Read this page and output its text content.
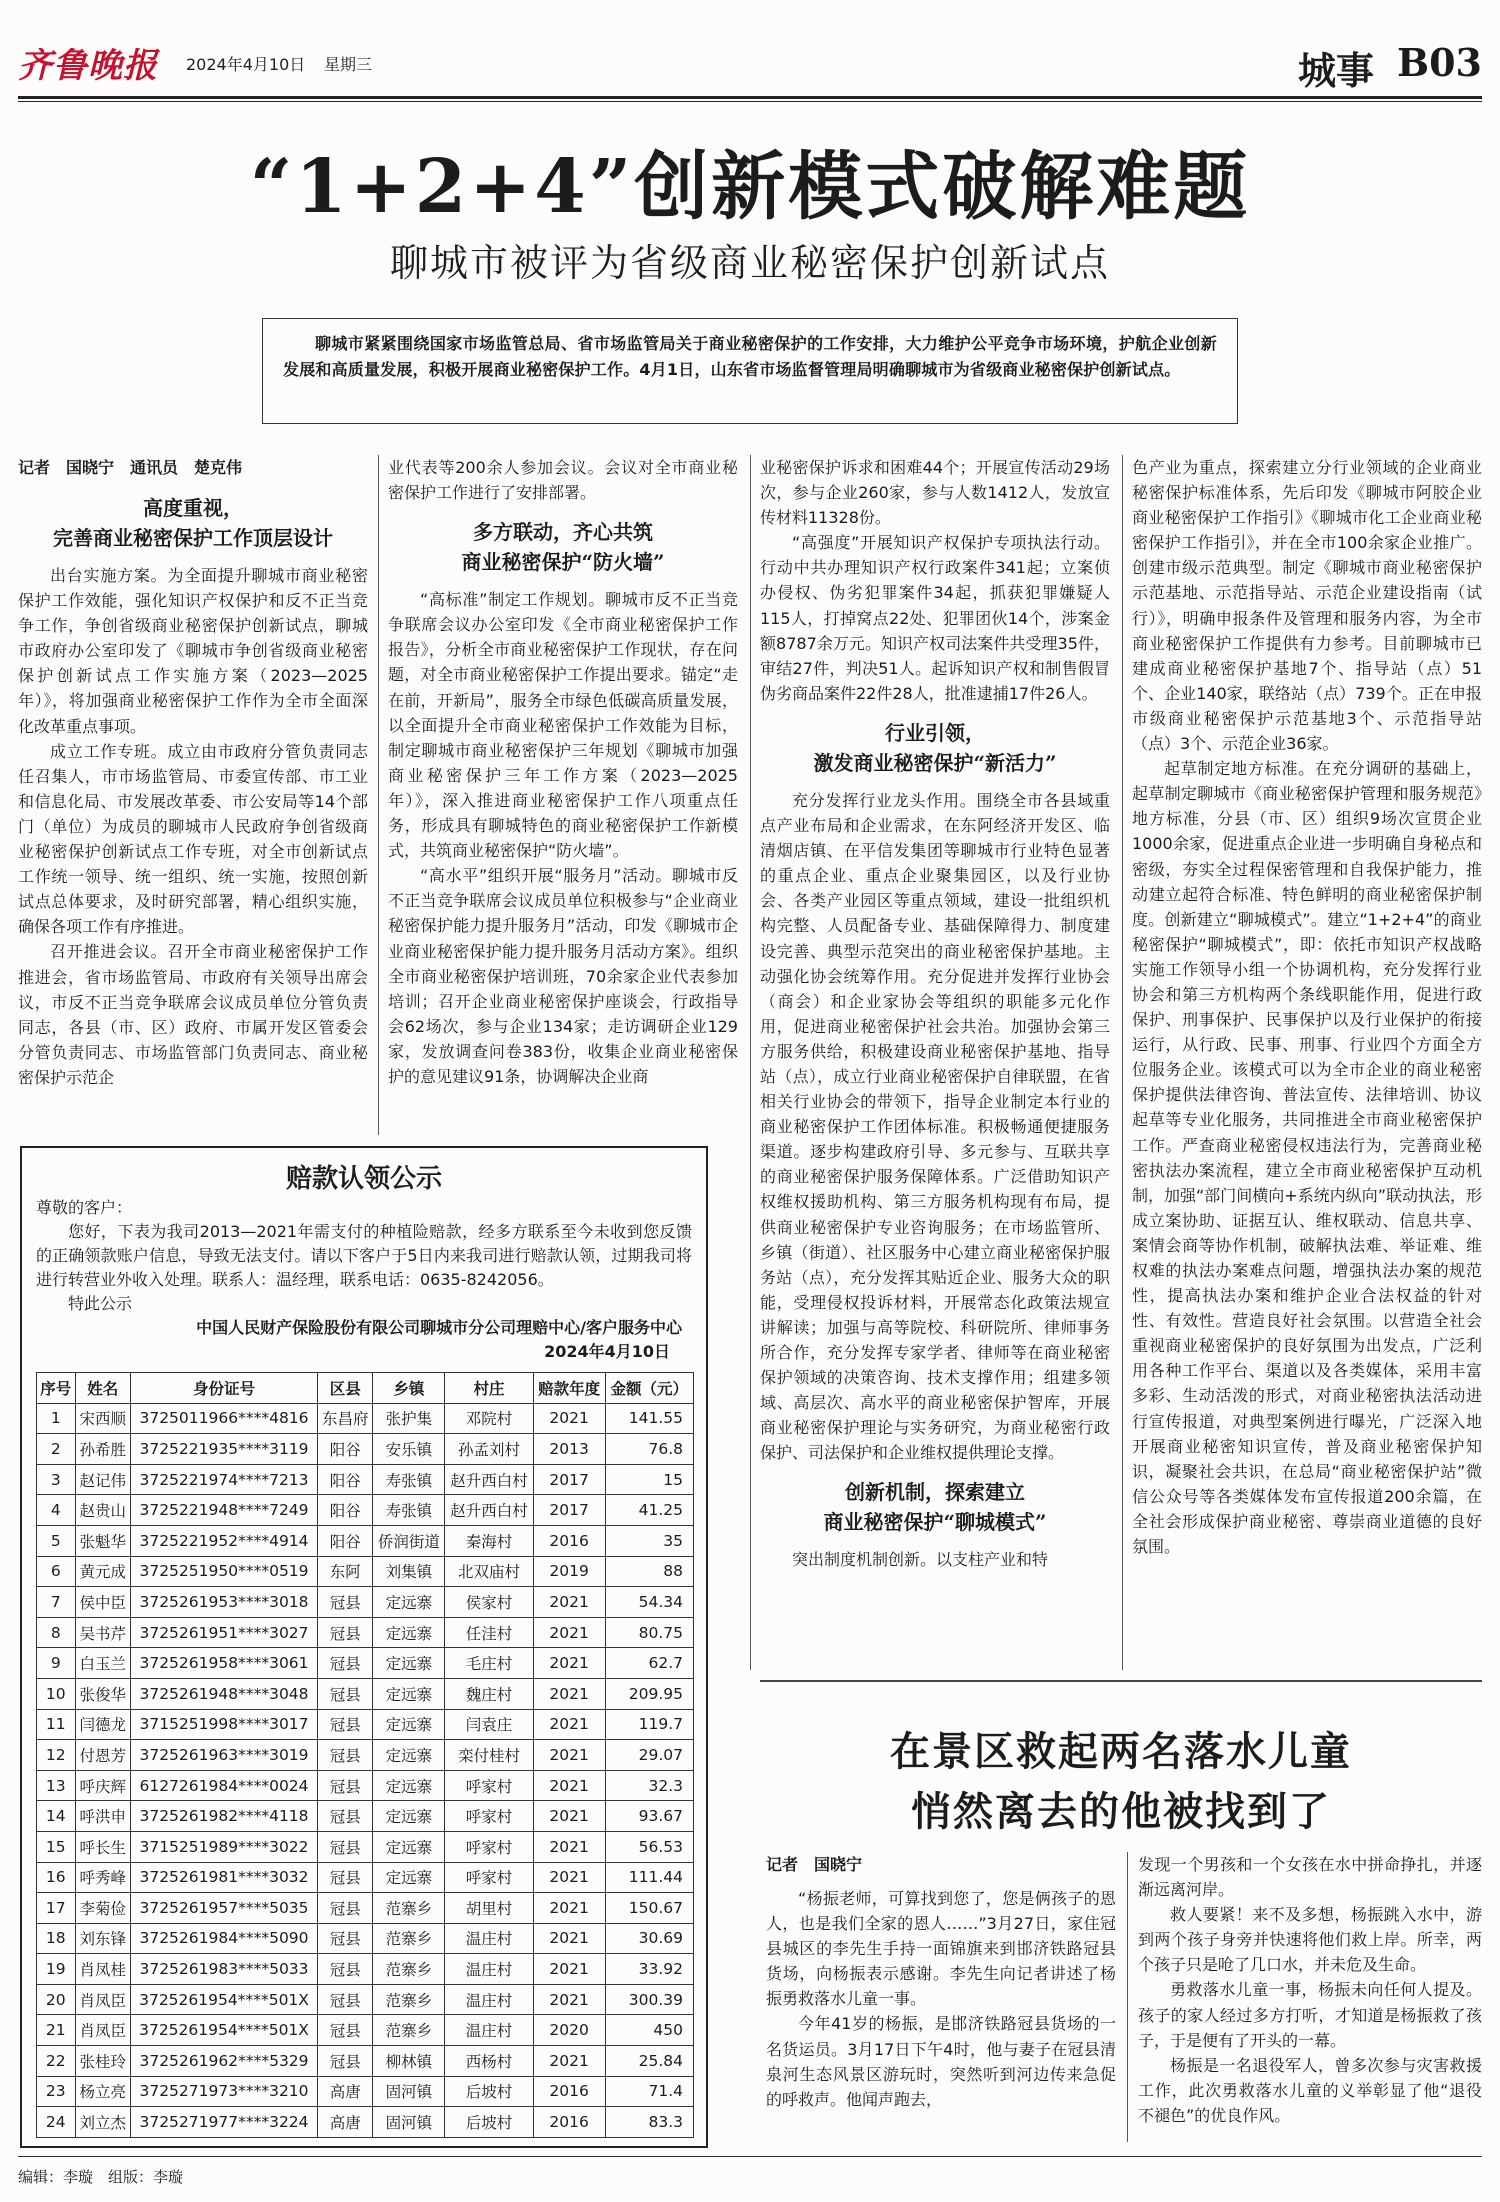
齐鲁晚报 2024年4月10日 星期三	城事 B03
“1+2+4”创新模式破解难题
聊城市被评为省级商业秘密保护创新试点

聊城市紧紧围绕国家市场监管总局、省市场监管局关于商业秘密保护的工作安排，大力维护公平竞争市场环境，护航企业创新发展和高质量发展，积极开展商业秘密保护工作。4月1日，山东省市场监督管理局明确聊城市为省级商业秘密保护创新试点。

记者　国晓宁　通讯员　楚克伟
高度重视，
完善商业秘密保护工作顶层设计

出台实施方案。为全面提升聊城市商业秘密保护工作效能，强化知识产权保护和反不正当竞争工作，争创省级商业秘密保护创新试点，聊城市政府办公室印发了《聊城市争创省级商业秘密保护创新试点工作实施方案（2023—2025年）》，将加强商业秘密保护工作作为全市全面深化改革重点事项。

成立工作专班。成立由市政府分管负责同志任召集人，市市场监管局、市委宣传部、市工业和信息化局、市发展改革委、市公安局等14个部门（单位）为成员的聊城市人民政府争创省级商业秘密保护创新试点工作专班，对全市创新试点工作统一领导、统一组织、统一实施，按照创新试点总体要求，及时研究部署，精心组织实施，确保各项工作有序推进。

召开推进会议。召开全市商业秘密保护工作推进会，省市场监管局、市政府有关领导出席会议，市反不正当竞争联席会议成员单位分管负责同志，各县（市、区）政府、市属开发区管委会分管负责同志、市场监管部门负责同志、商业秘密保护示范企

业代表等200余人参加会议。会议对全市商业秘密保护工作进行了安排部署。

多方联动，齐心共筑
商业秘密保护“防火墙”

“高标准”制定工作规划。聊城市反不正当竞争联席会议办公室印发《全市商业秘密保护工作报告》，分析全市商业秘密保护工作现状，存在问题，对全市商业秘密保护工作提出要求。锚定“走在前，开新局”，服务全市绿色低碳高质量发展，以全面提升全市商业秘密保护工作效能为目标，制定聊城市商业秘密保护三年规划《聊城市加强商业秘密保护三年工作方案（2023—2025年）》，深入推进商业秘密保护工作八项重点任务，形成具有聊城特色的商业秘密保护工作新模式，共筑商业秘密保护“防火墙”。

“高水平”组织开展“服务月”活动。聊城市反不正当竞争联席会议成员单位积极参与“企业商业秘密保护能力提升服务月”活动，印发《聊城市企业商业秘密保护能力提升服务月活动方案》。组织全市商业秘密保护培训班，70余家企业代表参加培训；召开企业商业秘密保护座谈会，行政指导会62场次，参与企业134家；走访调研企业129家，发放调查问卷383份，收集企业商业秘密保护的意见建议91条，协调解决企业商

业秘密保护诉求和困难44个；开展宣传活动29场次，参与企业260家，参与人数1412人，发放宣传材料11328份。

“高强度”开展知识产权保护专项执法行动。行动中共办理知识产权行政案件341起；立案侦办侵权、伪劣犯罪案件34起，抓获犯罪嫌疑人115人，打掉窝点22处、犯罪团伙14个，涉案金额8787余万元。知识产权司法案件共受理35件，审结27件，判决51人。起诉知识产权和制售假冒伪劣商品案件22件28人，批准逮捕17件26人。

行业引领，
激发商业秘密保护“新活力”

充分发挥行业龙头作用。围绕全市各县域重点产业布局和企业需求，在东阿经济开发区、临清烟店镇、在平信发集团等聊城市行业特色显著的重点企业、重点企业聚集园区，以及行业协会、各类产业园区等重点领域，建设一批组织机构完整、人员配备专业、基础保障得力、制度建设完善、典型示范突出的商业秘密保护基地。主动强化协会统筹作用。充分促进并发挥行业协会（商会）和企业家协会等组织的职能多元化作用，促进商业秘密保护社会共治。加强协会第三方服务供给，积极建设商业秘密保护基地、指导站（点），成立行业商业秘密保护自律联盟，在省相关行业协会的带领下，指导企业制定本行业的商业秘密保护工作团体标准。积极畅通便捷服务渠道。逐步构建政府引导、多元参与、互联共享的商业秘密保护服务保障体系。广泛借助知识产权维权援助机构、第三方服务机构现有布局，提供商业秘密保护专业咨询服务；在市场监管所、乡镇（街道）、社区服务中心建立商业秘密保护服务站（点），充分发挥其贴近企业、服务大众的职能，受理侵权投诉材料，开展常态化政策法规宣讲解读；加强与高等院校、科研院所、律师事务所合作，充分发挥专家学者、律师等在商业秘密保护领域的决策咨询、技术支撑作用；组建多领域、高层次、高水平的商业秘密保护智库，开展商业秘密保护理论与实务研究，为商业秘密行政保护、司法保护和企业维权提供理论支撑。

创新机制，探索建立
商业秘密保护“聊城模式”

突出制度机制创新。以支柱产业和特

色产业为重点，探索建立分行业领域的企业商业秘密保护标准体系，先后印发《聊城市阿胶企业商业秘密保护工作指引》《聊城市化工企业商业秘密保护工作指引》，并在全市100余家企业推广。创建市级示范典型。制定《聊城市商业秘密保护示范基地、示范指导站、示范企业建设指南（试行）》，明确申报条件及管理和服务内容，为全市商业秘密保护工作提供有力参考。目前聊城市已建成商业秘密保护基地7个、指导站（点）51个、企业140家，联络站（点）739个。正在申报市级商业秘密保护示范基地3个、示范指导站（点）3个、示范企业36家。

起草制定地方标准。在充分调研的基础上，起草制定聊城市《商业秘密保护管理和服务规范》地方标准，分县（市、区）组织9场次宣贯企业1000余家，促进重点企业进一步明确自身秘点和密级，夯实全过程保密管理和自我保护能力，推动建立起符合标准、特色鲜明的商业秘密保护制度。创新建立“聊城模式”。建立“1+2+4”的商业秘密保护“聊城模式”，即：依托市知识产权战略实施工作领导小组一个协调机构，充分发挥行业协会和第三方机构两个条线职能作用，促进行政保护、刑事保护、民事保护以及行业保护的衔接运行，从行政、民事、刑事、行业四个方面全方位服务企业。该模式可以为全市企业的商业秘密保护提供法律咨询、普法宣传、法律培训、协议起草等专业化服务，共同推进全市商业秘密保护工作。严查商业秘密侵权违法行为，完善商业秘密执法办案流程，建立全市商业秘密保护互动机制，加强“部门间横向+系统内纵向”联动执法，形成立案协助、证据互认、维权联动、信息共享、案情会商等协作机制，破解执法难、举证难、维权难的执法办案难点问题，增强执法办案的规范性，提高执法办案和维护企业合法权益的针对性、有效性。营造良好社会氛围。以营造全社会重视商业秘密保护的良好氛围为出发点，广泛利用各种工作平台、渠道以及各类媒体，采用丰富多彩、生动活泼的形式，对商业秘密执法活动进行宣传报道，对典型案例进行曝光，广泛深入地开展商业秘密知识宣传，普及商业秘密保护知识，凝聚社会共识，在总局“商业秘密保护站”微信公众号等各类媒体发布宣传报道200余篇，在全社会形成保护商业秘密、尊崇商业道德的良好氛围。

赔款认领公示
尊敬的客户：
您好，下表为我司2013—2021年需支付的种植险赔款，经多方联系至今未收到您反馈的正确领款账户信息，导致无法支付。请以下客户于5日内来我司进行赔款认领，过期我司将进行转营业外收入处理。联系人：温经理，联系电话：0635-8242056。
特此公示
中国人民财产保险股份有限公司聊城市分公司理赔中心/客户服务中心
2024年4月10日
序号	姓名	身份证号	区县	乡镇	村庄	赔款年度	金额（元）
1	宋西顺	3725011966****4816	东昌府	张护集	邓院村	2021	141.55
2	孙希胜	3725221935****3119	阳谷	安乐镇	孙孟刘村	2013	76.8
3	赵记伟	3725221974****7213	阳谷	寿张镇	赵升西白村	2017	15
4	赵贵山	3725221948****7249	阳谷	寿张镇	赵升西白村	2017	41.25
5	张魁华	3725221952****4914	阳谷	侨润街道	秦海村	2016	35
6	黄元成	3725251950****0519	东阿	刘集镇	北双庙村	2019	88
7	侯中臣	3725261953****3018	冠县	定远寨	侯家村	2021	54.34
8	吴书芹	3725261951****3027	冠县	定远寨	任洼村	2021	80.75
9	白玉兰	3725261958****3061	冠县	定远寨	毛庄村	2021	62.7
10	张俊华	3725261948****3048	冠县	定远寨	魏庄村	2021	209.95
11	闫德龙	3715251998****3017	冠县	定远寨	闫袁庄	2021	119.7
12	付恩芳	3725261963****3019	冠县	定远寨	栾付桂村	2021	29.07
13	呼庆辉	6127261984****0024	冠县	定远寨	呼家村	2021	32.3
14	呼洪申	3725261982****4118	冠县	定远寨	呼家村	2021	93.67
15	呼长生	3715251989****3022	冠县	定远寨	呼家村	2021	56.53
16	呼秀峰	3725261981****3032	冠县	定远寨	呼家村	2021	111.44
17	李菊俭	3725261957****5035	冠县	范寨乡	胡里村	2021	150.67
18	刘东锋	3725261984****5090	冠县	范寨乡	温庄村	2021	30.69
19	肖凤桂	3725261983****5033	冠县	范寨乡	温庄村	2021	33.92
20	肖凤臣	3725261954****501X	冠县	范寨乡	温庄村	2021	300.39
21	肖凤臣	3725261954****501X	冠县	范寨乡	温庄村	2020	450
22	张桂玲	3725261962****5329	冠县	柳林镇	西杨村	2021	25.84
23	杨立亮	3725271973****3210	高唐	固河镇	后坡村	2016	71.4
24	刘立杰	3725271977****3224	高唐	固河镇	后坡村	2016	83.3
在景区救起两名落水儿童
悄然离去的他被找到了
记者　国晓宁

“杨振老师，可算找到您了，您是俩孩子的恩人，也是我们全家的恩人……”3月27日，家住冠县城区的李先生手持一面锦旗来到邯济铁路冠县货场，向杨振表示感谢。李先生向记者讲述了杨振勇救落水儿童一事。

今年41岁的杨振，是邯济铁路冠县货场的一名货运员。3月17日下午4时，他与妻子在冠县清泉河生态风景区游玩时，突然听到河边传来急促的呼救声。他闻声跑去，

发现一个男孩和一个女孩在水中拼命挣扎，并逐渐远离河岸。

救人要紧！来不及多想，杨振跳入水中，游到两个孩子身旁并快速将他们救上岸。所幸，两个孩子只是呛了几口水，并未危及生命。

勇救落水儿童一事，杨振未向任何人提及。孩子的家人经过多方打听，才知道是杨振救了孩子，于是便有了开头的一幕。

杨振是一名退役军人，曾多次参与灾害救援工作，此次勇救落水儿童的义举彰显了他“退役不褪色”的优良作风。

编辑：李璇　组版：李璇
